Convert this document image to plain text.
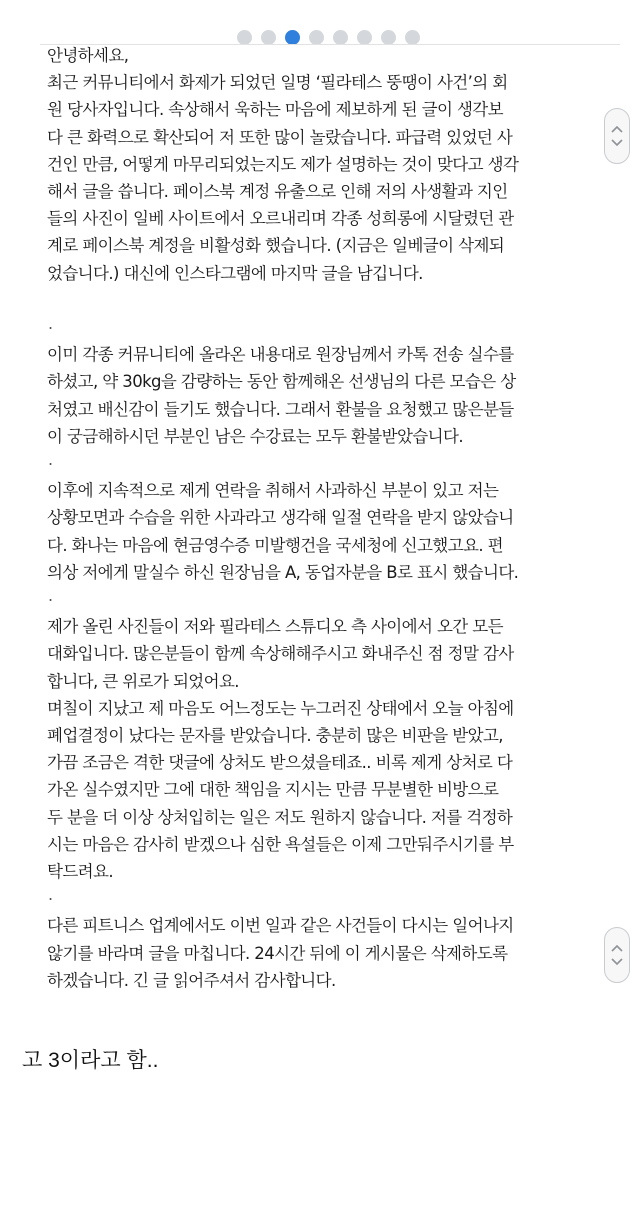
안녕하세요,

최근 커뮤니티에서 화제가 되었던 일명 ‘필라테스 뚱땡이 사건’의 회
원 당사자입니다. 속상해서 욱하는 마음에 제보하게 된 글이 생각보
다 큰 화력으로 확산되어 저 또한 많이 놀랐습니다. 파급력 있었던 사
건인 만큼, 어떻게 마무리되었는지도 제가 설명하는 것이 맞다고 생각
해서 글을 씁니다. 페이스북 계정 유출으로 인해 저의 사생활과 지인
들의 사진이 일베 사이트에서 오르내리며 각종 성희롱에 시달렸던 관
계로 페이스북 계정을 비활성화 했습니다. (지금은 일베글이 삭제되
었습니다.) 대신에 인스타그램에 마지막 글을 남깁니다.

.

이미 각종 커뮤니티에 올라온 내용대로 원장님께서 카톡 전송 실수를
하셨고, 약 30kg을 감량하는 동안 함께해온 선생님의 다른 모습은 상
처였고 배신감이 들기도 했습니다. 그래서 환불을 요청했고 많은분들
이 궁금해하시던 부분인 남은 수강료는 모두 환불받았습니다.

.

이후에 지속적으로 제게 연락을 취해서 사과하신 부분이 있고 저는
상황모면과 수습을 위한 사과라고 생각해 일절 연락을 받지 않았습니
다. 화나는 마음에 현금영수증 미발행건을 국세청에 신고했고요. 편
의상 저에게 말실수 하신 원장님을 A, 동업자분을 B로 표시 했습니다.

.

제가 올린 사진들이 저와 필라테스 스튜디오 측 사이에서 오간 모든
대화입니다. 많은분들이 함께 속상해해주시고 화내주신 점 정말 감사
합니다, 큰 위로가 되었어요.
며칠이 지났고 제 마음도 어느정도는 누그러진 상태에서 오늘 아침에
폐업결정이 났다는 문자를 받았습니다. 충분히 많은 비판을 받았고,
가끔 조금은 격한 댓글에 상처도 받으셨을테죠.. 비록 제게 상처로 다
가온 실수였지만 그에 대한 책임을 지시는 만큼 무분별한 비방으로
두 분을 더 이상 상처입히는 일은 저도 원하지 않습니다. 저를 걱정하
시는 마음은 감사히 받겠으나 심한 욕설들은 이제 그만둬주시기를 부
탁드려요.

.

다른 피트니스 업계에서도 이번 일과 같은 사건들이 다시는 일어나지
않기를 바라며 글을 마칩니다. 24시간 뒤에 이 게시물은 삭제하도록
하겠습니다. 긴 글 읽어주셔서 감사합니다.

고 3이라고 함..
